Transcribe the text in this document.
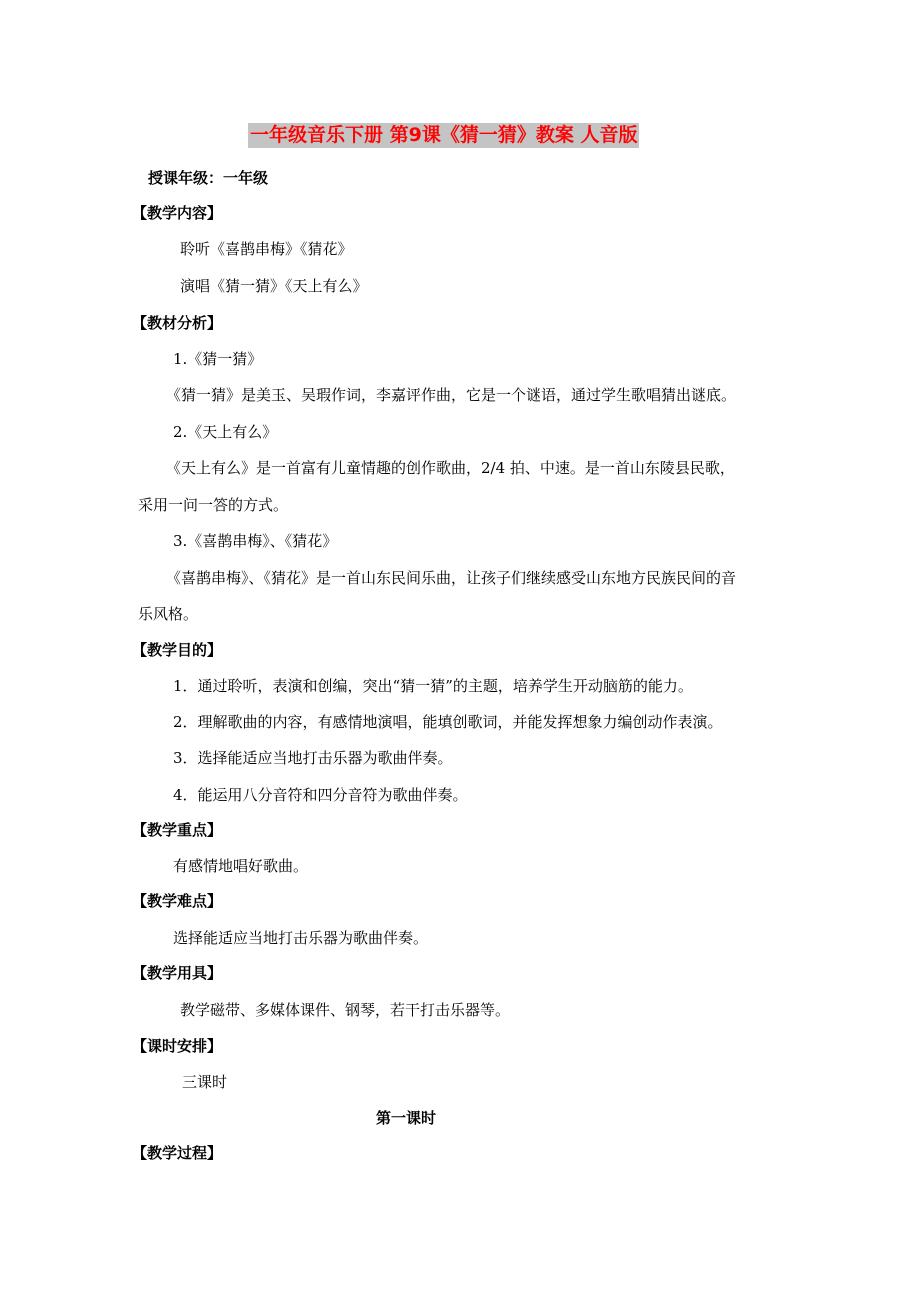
一年级音乐下册 第9课《猜一猜》教案 人音版
授课年级：一年级
【教学内容】
聆听《喜鹊串梅》《猜花》
演唱《猜一猜》《天上有么》
【教材分析】
1.《猜一猜》
《猜一猜》是美玉、吴瑕作词，李嘉评作曲，它是一个谜语，通过学生歌唱猜出谜底。
2.《天上有么》
《天上有么》是一首富有儿童情趣的创作歌曲，2/4 拍、中速。是一首山东陵县民歌，
采用一问一答的方式。
3.《喜鹊串梅》、《猜花》
《喜鹊串梅》、《猜花》是一首山东民间乐曲，让孩子们继续感受山东地方民族民间的音
乐风格。
【教学目的】
1．通过聆听，表演和创编，突出“猜一猜”的主题，培养学生开动脑筋的能力。
2．理解歌曲的内容，有感情地演唱，能填创歌词，并能发挥想象力编创动作表演。
3．选择能适应当地打击乐器为歌曲伴奏。
4．能运用八分音符和四分音符为歌曲伴奏。
【教学重点】
有感情地唱好歌曲。
【教学难点】
选择能适应当地打击乐器为歌曲伴奏。
【教学用具】
教学磁带、多媒体课件、钢琴，若干打击乐器等。
【课时安排】
三课时
第一课时
【教学过程】
